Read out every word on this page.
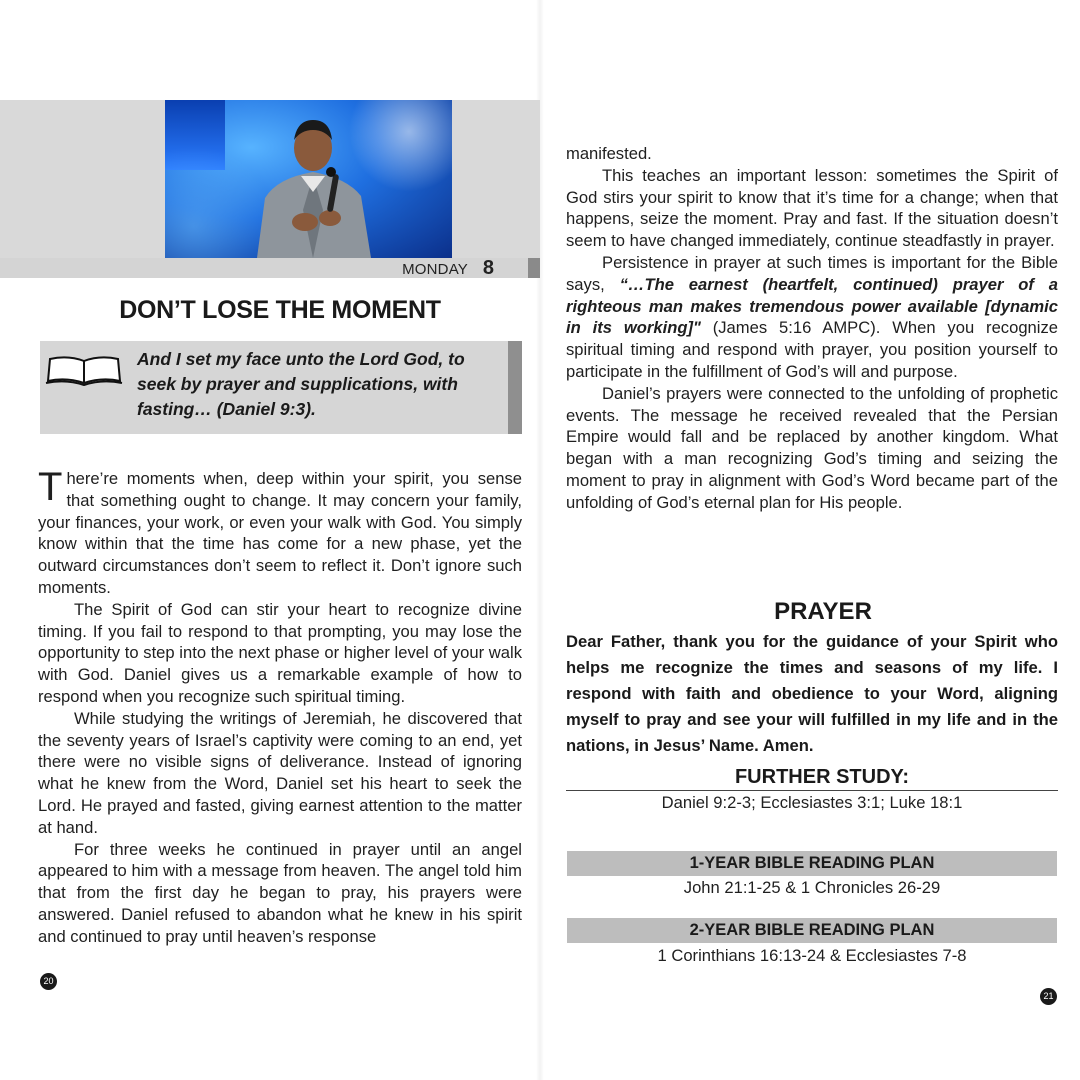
MONDAY 8
DON’T LOSE THE MOMENT
And I set my face unto the Lord God, to seek by prayer and supplications, with fasting… (Daniel 9:3).

There’re moments when, deep within your spirit, you sense that something ought to change. It may concern your family, your finances, your work, or even your walk with God. You simply know within that the time has come for a new phase, yet the outward circumstances don’t seem to reflect it. Don’t ignore such moments.

The Spirit of God can stir your heart to recognize divine timing. If you fail to respond to that prompting, you may lose the opportunity to step into the next phase or higher level of your walk with God. Daniel gives us a remarkable example of how to respond when you recognize such spiritual timing.

While studying the writings of Jeremiah, he discovered that the seventy years of Israel’s captivity were coming to an end, yet there were no visible signs of deliverance. Instead of ignoring what he knew from the Word, Daniel set his heart to seek the Lord. He prayed and fasted, giving earnest attention to the matter at hand.

For three weeks he continued in prayer until an angel appeared to him with a message from heaven. The angel told him that from the first day he began to pray, his prayers were answered. Daniel refused to abandon what he knew in his spirit and continued to pray until heaven’s response

20

manifested.

This teaches an important lesson: sometimes the Spirit of God stirs your spirit to know that it’s time for a change; when that happens, seize the moment. Pray and fast. If the situation doesn’t seem to have changed immediately, continue steadfastly in prayer.

Persistence in prayer at such times is important for the Bible says, “…The earnest (heartfelt, continued) prayer of a righteous man makes tremendous power available [dynamic in its working]" (James 5:16 AMPC). When you recognize spiritual timing and respond with prayer, you position yourself to participate in the fulfillment of God’s will and purpose.

Daniel’s prayers were connected to the unfolding of prophetic events. The message he received revealed that the Persian Empire would fall and be replaced by another kingdom. What began with a man recognizing God’s timing and seizing the moment to pray in alignment with God’s Word became part of the unfolding of God’s eternal plan for His people.

PRAYER
Dear Father, thank you for the guidance of your Spirit who helps me recognize the times and seasons of my life. I respond with faith and obedience to your Word, aligning myself to pray and see your will fulfilled in my life and in the nations, in Jesus’ Name. Amen.
FURTHER STUDY:
Daniel 9:2-3; Ecclesiastes 3:1; Luke 18:1
1-YEAR BIBLE READING PLAN
John 21:1-25 & 1 Chronicles 26-29
2-YEAR BIBLE READING PLAN
1 Corinthians 16:13-24 & Ecclesiastes 7-8
21
